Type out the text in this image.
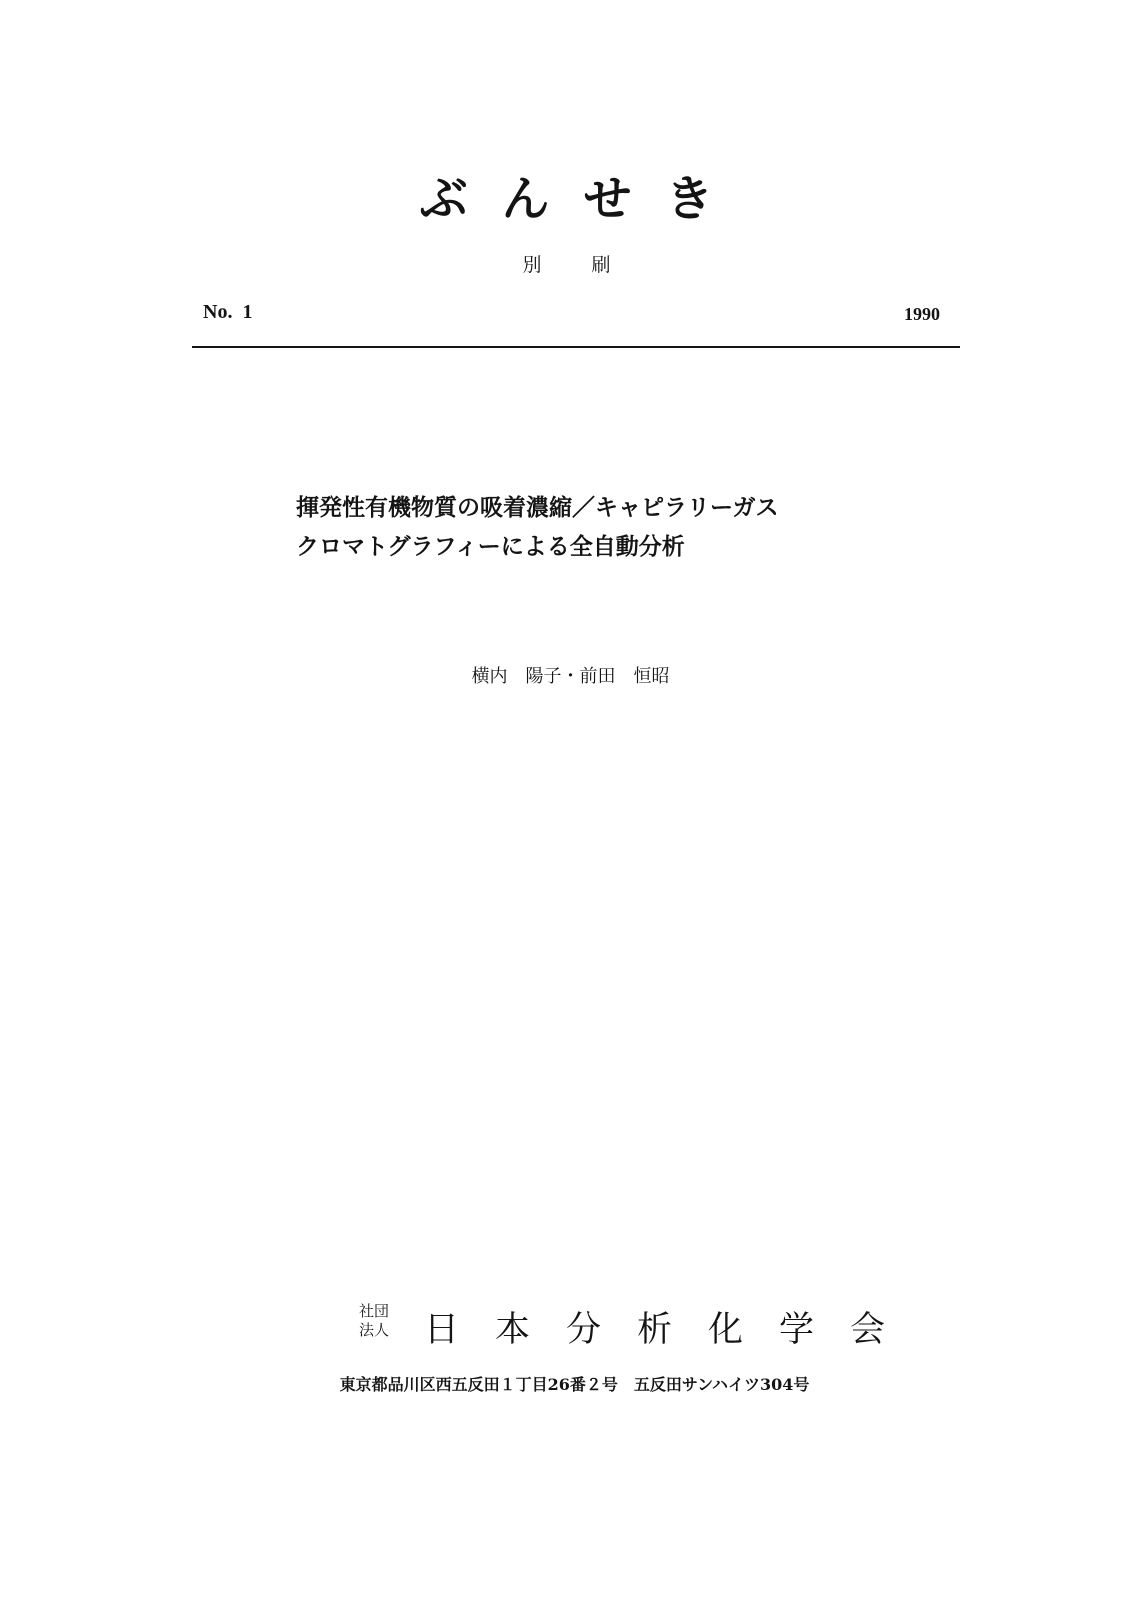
ぶんせき
別刷
No.  1	1990
揮発性有機物質の吸着濃縮／キャピラリーガス
クロマトグラフィーによる全自動分析
横内　陽子・前田　恒昭
社団
法人 日本分析化学会
東京都品川区西五反田１丁目26番２号　五反田サンハイツ304号
